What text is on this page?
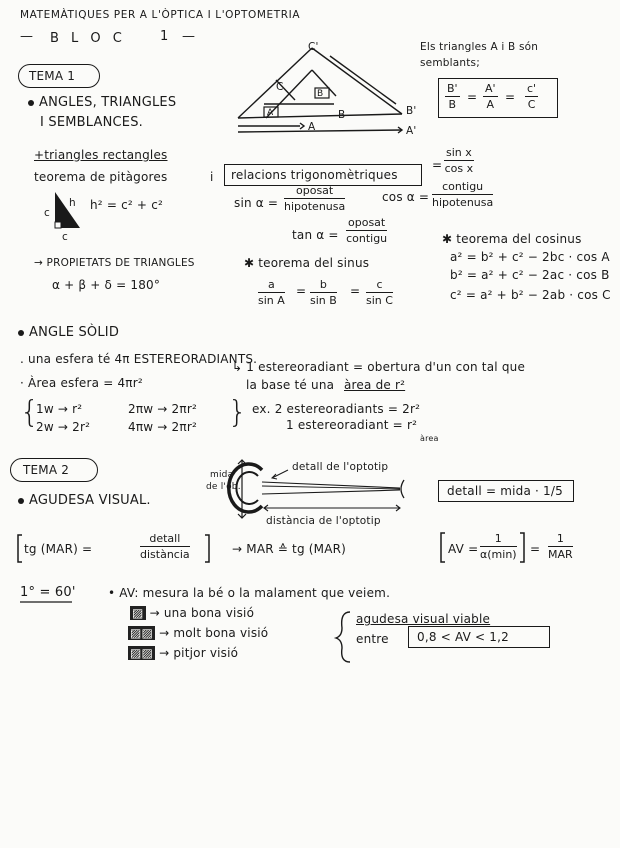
MATEMÀTIQUES PER A L'ÒPTICA I L'OPTOMETRIA
— B L O C	1 —
TEMA 1
ANGLES, TRIANGLES
I SEMBLANCES.
C'
C
B
A	B
A
B'
A'
Els triangles A i B són
semblants;
$\frac{B'}{B} = \frac{A'}{A} = \frac{c'}{C}$
+triangles rectangles
teorema de pitàgores
h² = c² + c²
h
c
c
i relacions trigonomètriques
= $\frac{\text{sin x}}{\text{cos x}}$
sin α =
oposat
hipotenusa
cos α =
contigu
hipotenusa
tan α =
oposat
contigu
→ PROPIETATS DE TRIANGLES
α + β + δ = 180°
✱ teorema del sinus
$\frac{a}{\text{sin A}} = \frac{b}{\text{sin B}} = \frac{c}{\text{sin C}}$
✱ teorema del cosinus
a² = b² + c² − 2bc · cos A
b² = a² + c² − 2ac · cos B
c² = a² + b² − 2ab · cos C
ANGLE SÒLID
. una esfera té 4π ESTEREORADIANTS.
↳ 1 estereoradiant = obertura d'un con tal que
la base té una àrea de r²
· Àrea esfera = 4πr²
{	}
1w → r²	2πw → 2πr²
2w → 2r²	4πw → 2πr²
ex. 2 estereoradiants = 2r²
1 estereoradiant = r²
àrea
TEMA 2
AGUDESA VISUAL.
mida
de l'ob.
detall de l'optotip
distància de l'optotip
detall = mida · 1/5
tg (MAR) =
detall
distància	→ MAR ≙ tg (MAR)	AV =
1
α(min) =
1
MAR
1° = 60'	• AV: mesura la bé o la malament que veiem.
▨ → una bona visió
▨▨ → molt bona visió
▨▨ → pitjor visió
agudesa visual viable
entre 0,8 < AV < 1,2
